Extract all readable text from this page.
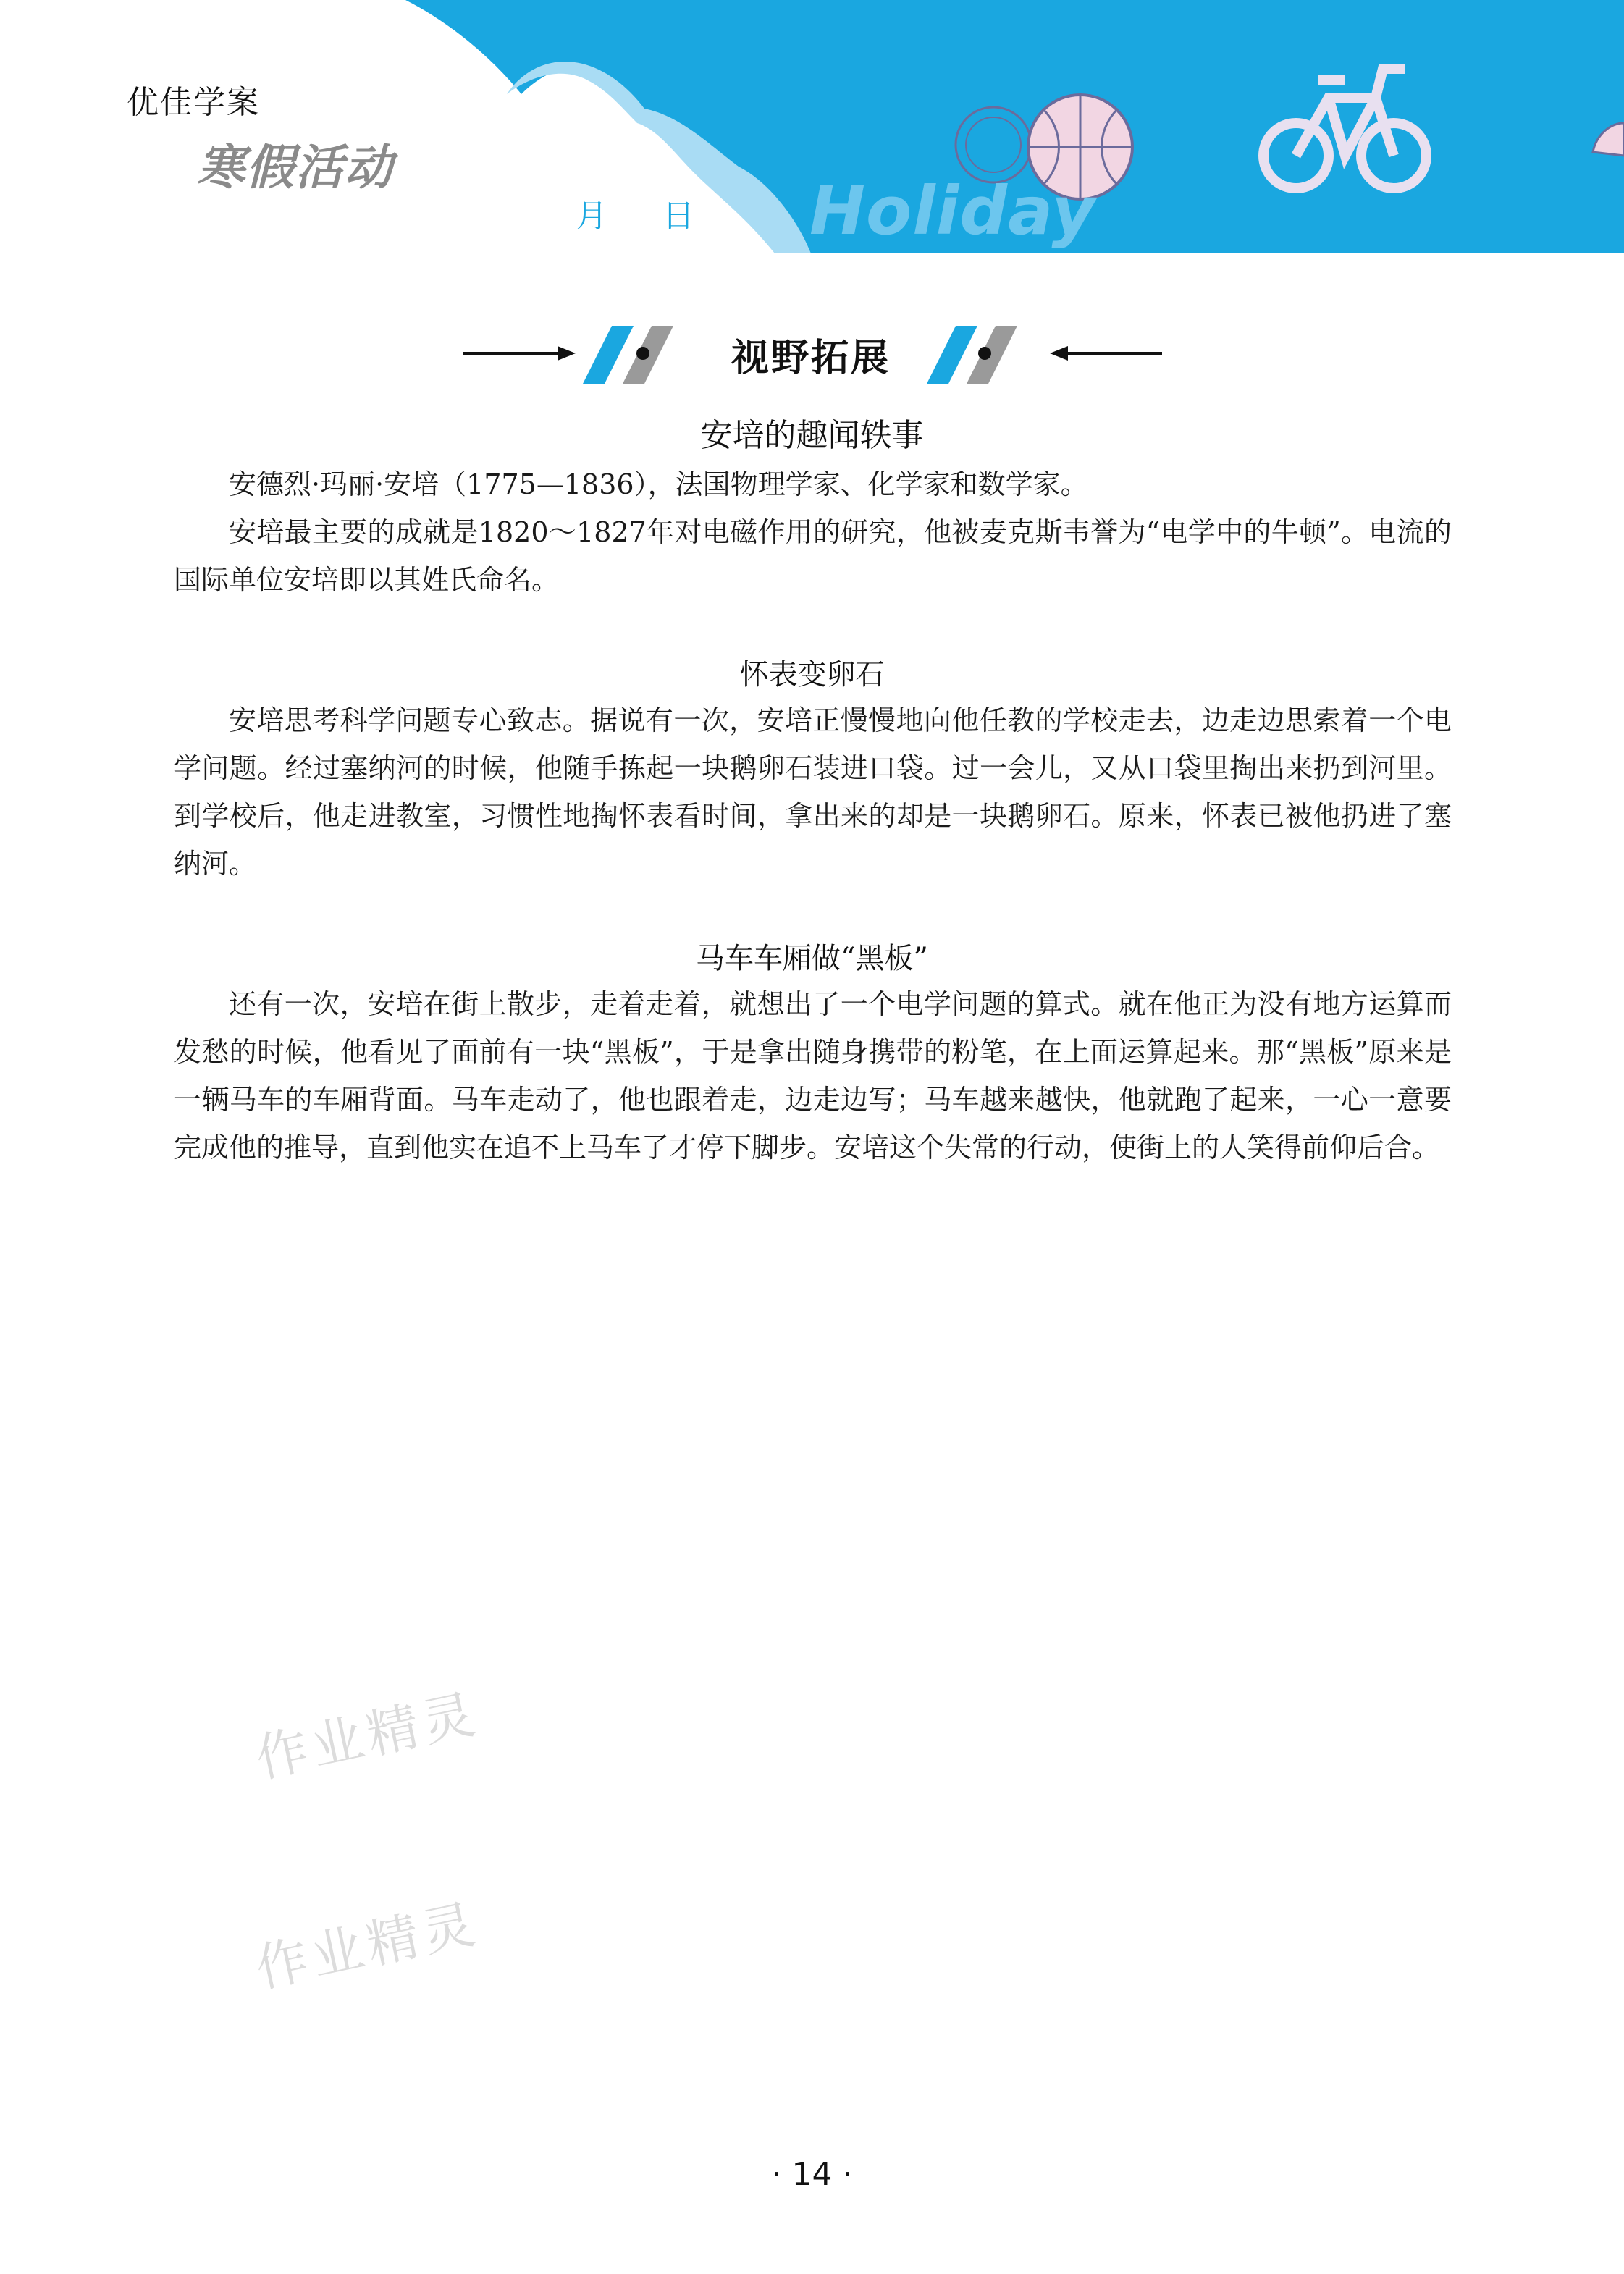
优佳学案
寒假活动
月 日 Holiday
视野拓展
安培的趣闻轶事

安德烈·玛丽·安培（1775—1836），法国物理学家、化学家和数学家。

安培最主要的成就是1820～1827年对电磁作用的研究，他被麦克斯韦誉为“电学中的牛顿”。电流的国际单位安培即以其姓氏命名。

怀表变卵石

安培思考科学问题专心致志。据说有一次，安培正慢慢地向他任教的学校走去，边走边思索着一个电学问题。经过塞纳河的时候，他随手拣起一块鹅卵石装进口袋。过一会儿，又从口袋里掏出来扔到河里。到学校后，他走进教室，习惯性地掏怀表看时间，拿出来的却是一块鹅卵石。原来，怀表已被他扔进了塞纳河。

马车车厢做“黑板”

还有一次，安培在街上散步，走着走着，就想出了一个电学问题的算式。就在他正为没有地方运算而发愁的时候，他看见了面前有一块“黑板”，于是拿出随身携带的粉笔，在上面运算起来。那“黑板”原来是一辆马车的车厢背面。马车走动了，他也跟着走，边走边写；马车越来越快，他就跑了起来，一心一意要完成他的推导，直到他实在追不上马车了才停下脚步。安培这个失常的行动，使街上的人笑得前仰后合。

作业精灵
作业精灵
· 14 ·
